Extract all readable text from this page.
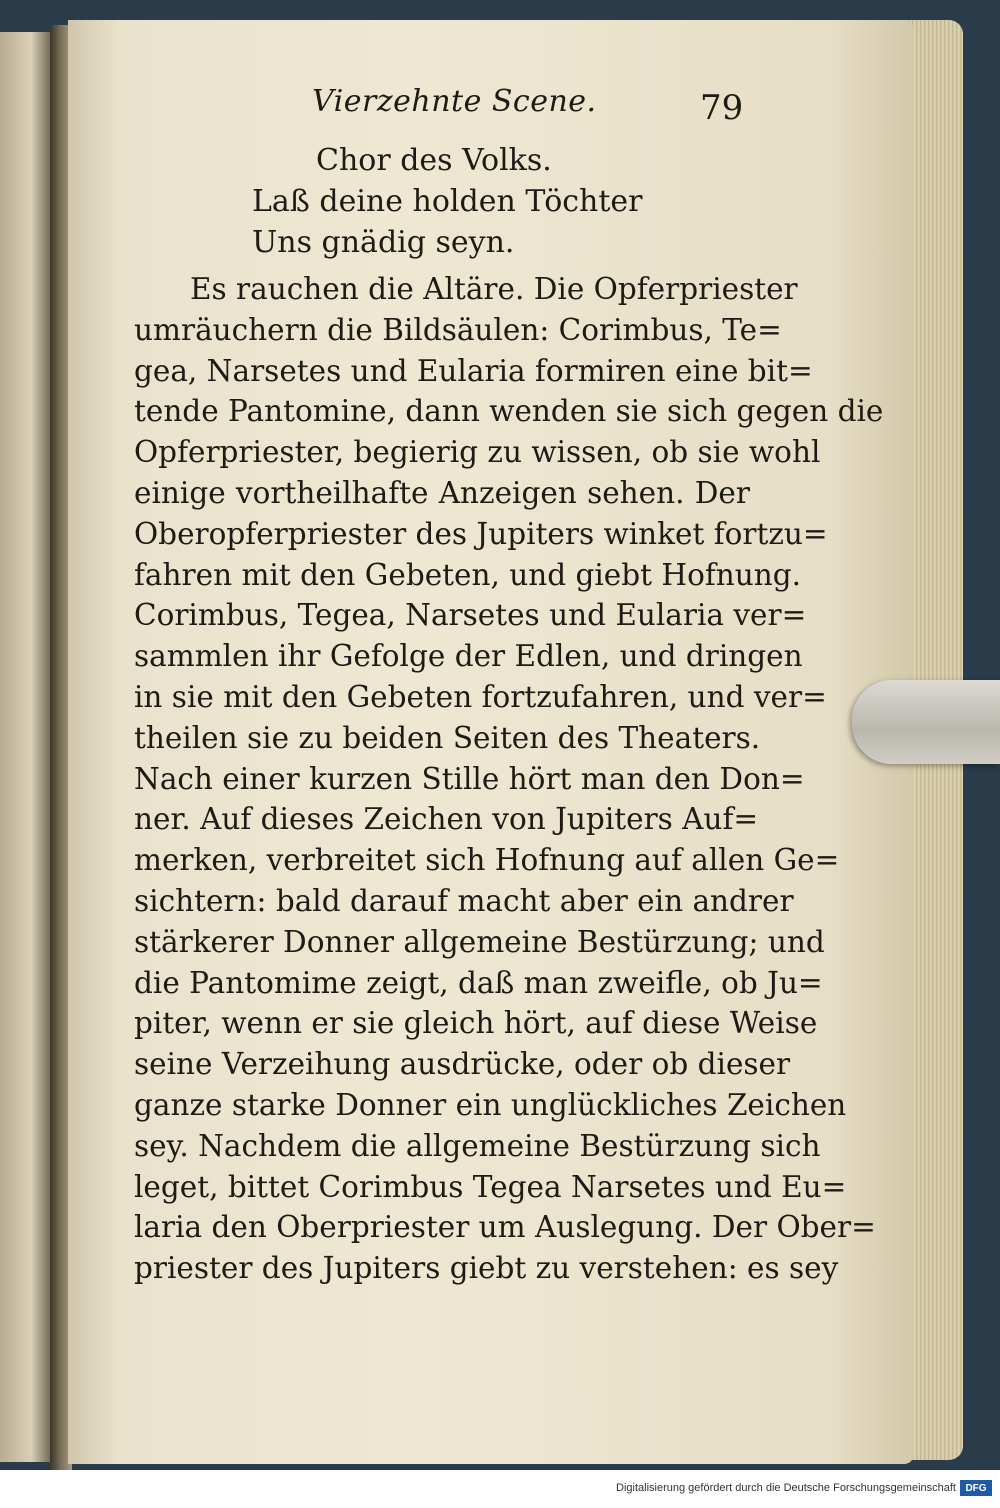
Vierzehnte Scene.	79
Chor des Volks.
Laß deine holden Töchter
Uns gnädig seyn.
Es rauchen die Altäre. Die Opferpriester
umräuchern die Bildsäulen: Corimbus, Te=
gea, Narsetes und Eularia formiren eine bit=
tende Pantomine, dann wenden sie sich gegen die
Opferpriester, begierig zu wissen, ob sie wohl
einige vortheilhafte Anzeigen sehen. Der
Oberopferpriester des Jupiters winket fortzu=
fahren mit den Gebeten, und giebt Hofnung.
Corimbus, Tegea, Narsetes und Eularia ver=
sammlen ihr Gefolge der Edlen, und dringen
in sie mit den Gebeten fortzufahren, und ver=
theilen sie zu beiden Seiten des Theaters.
Nach einer kurzen Stille hört man den Don=
ner. Auf dieses Zeichen von Jupiters Auf=
merken, verbreitet sich Hofnung auf allen Ge=
sichtern: bald darauf macht aber ein andrer
stärkerer Donner allgemeine Bestürzung; und
die Pantomime zeigt, daß man zweifle, ob Ju=
piter, wenn er sie gleich hört, auf diese Weise
seine Verzeihung ausdrücke, oder ob dieser
ganze starke Donner ein unglückliches Zeichen
sey. Nachdem die allgemeine Bestürzung sich
leget, bittet Corimbus Tegea Narsetes und Eu=
laria den Oberpriester um Auslegung. Der Ober=
priester des Jupiters giebt zu verstehen: es sey
Digitalisierung gefördert durch die Deutsche Forschungsgemeinschaft DFG
